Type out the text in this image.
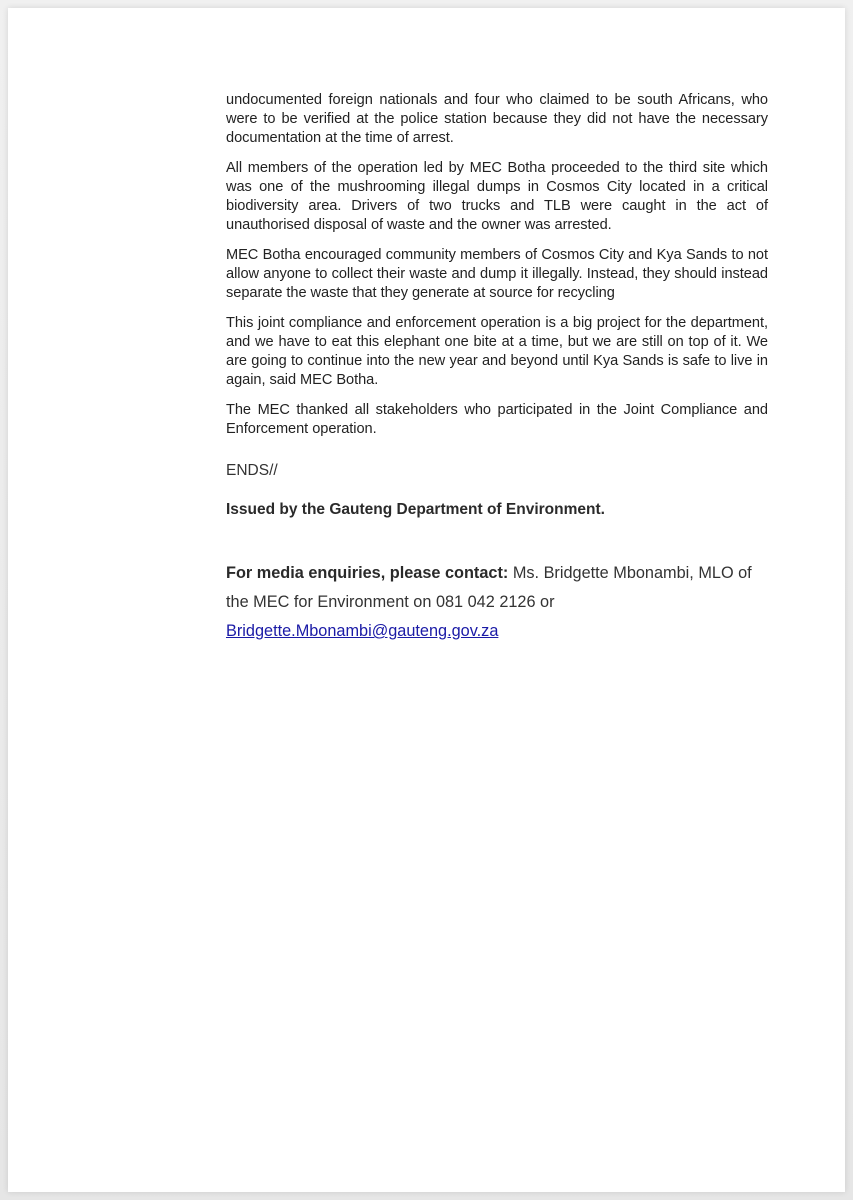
undocumented foreign nationals and four who claimed to be south Africans, who were to be verified at the police station because they did not have the necessary documentation at the time of arrest.

All members of the operation led by MEC Botha proceeded to the third site which was one of the mushrooming illegal dumps in Cosmos City located in a critical biodiversity area. Drivers of two trucks and TLB were caught in the act of unauthorised disposal of waste and the owner was arrested.

MEC Botha encouraged community members of Cosmos City and Kya Sands to not allow anyone to collect their waste and dump it illegally. Instead, they should instead separate the waste that they generate at source for recycling

This joint compliance and enforcement operation is a big project for the department, and we have to eat this elephant one bite at a time, but we are still on top of it. We are going to continue into the new year and beyond until Kya Sands is safe to live in again, said MEC Botha.

The MEC thanked all stakeholders who participated in the Joint Compliance and Enforcement operation.

ENDS//
Issued by the Gauteng Department of Environment.
For media enquiries, please contact: Ms. Bridgette Mbonambi, MLO of the MEC for Environment on 081 042 2126 or
Bridgette.Mbonambi@gauteng.gov.za
